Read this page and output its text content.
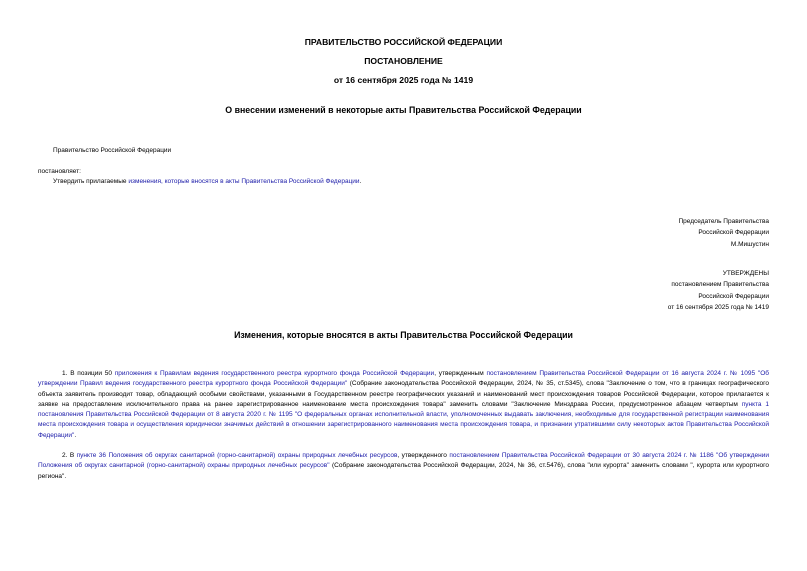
ПРАВИТЕЛЬСТВО РОССИЙСКОЙ ФЕДЕРАЦИИ
ПОСТАНОВЛЕНИЕ
от 16 сентября 2025 года № 1419
О внесении изменений в некоторые акты Правительства Российской Федерации
Правительство Российской Федерации
постановляет:
Утвердить прилагаемые изменения, которые вносятся в акты Правительства Российской Федерации.
Председатель Правительства
Российской Федерации
М.Мишустин
УТВЕРЖДЕНЫ
постановлением Правительства
Российской Федерации
от 16 сентября 2025 года № 1419
Изменения, которые вносятся в акты Правительства Российской Федерации
1. В позиции 50 приложения к Правилам ведения государственного реестра курортного фонда Российской Федерации, утвержденным постановлением Правительства Российской Федерации от 16 августа 2024 г. № 1095 "Об утверждении Правил ведения государственного реестра курортного фонда Российской Федерации" (Собрание законодательства Российской Федерации, 2024, № 35, ст.5345), слова "Заключение о том, что в границах географического объекта заявитель производит товар, обладающий особыми свойствами, указанными в Государственном реестре географических указаний и наименований мест происхождения товаров Российской Федерации, которое прилагается к заявке на предоставление исключительного права на ранее зарегистрированное наименование места происхождения товара" заменить словами "Заключение Минздрава России, предусмотренное абзацем четвертым пункта 1 постановления Правительства Российской Федерации от 8 августа 2020 г. № 1195 "О федеральных органах исполнительной власти, уполномоченных выдавать заключения, необходимые для государственной регистрации наименования места происхождения товара и осуществления юридически значимых действий в отношении зарегистрированного наименования места происхождения товара, и признании утратившими силу некоторых актов Правительства Российской Федерации".
2. В пункте 36 Положения об округах санитарной (горно-санитарной) охраны природных лечебных ресурсов, утвержденного постановлением Правительства Российской Федерации от 30 августа 2024 г. № 1186 "Об утверждении Положения об округах санитарной (горно-санитарной) охраны природных лечебных ресурсов" (Собрание законодательства Российской Федерации, 2024, № 36, ст.5476), слова "или курорта" заменить словами ", курорта или курортного региона".
